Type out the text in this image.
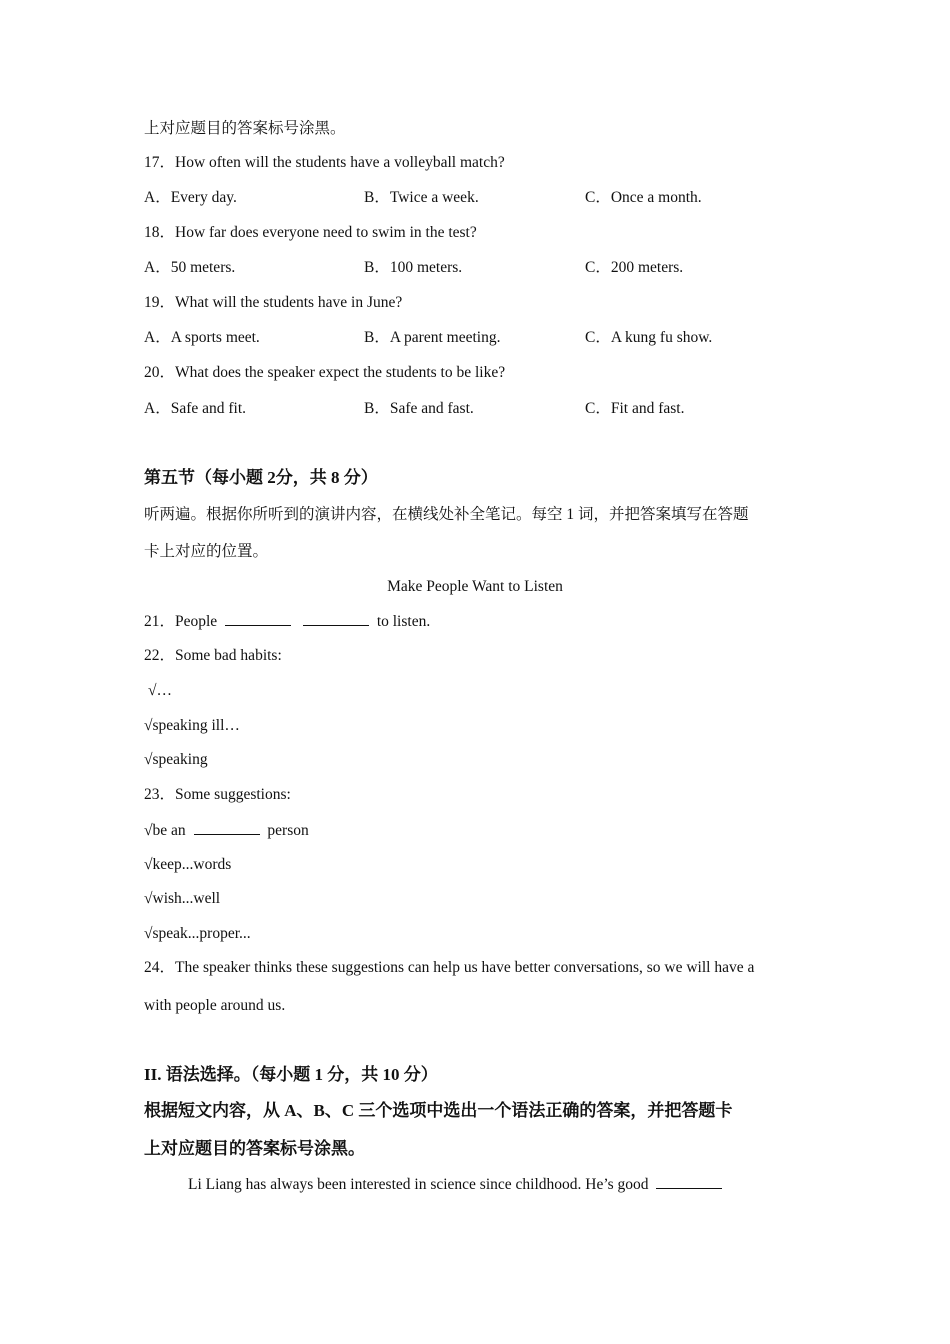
上对应题目的答案标号涂黑。
17．How often will the students have a volleyball match?
A．Every day.	B．Twice a week.	C．Once a month.
18．How far does everyone need to swim in the test?
A．50 meters.	B．100 meters.	C．200 meters.
19．What will the students have in June?
A．A sports meet.	B．A parent meeting.	C．A kung fu show.
20．What does the speaker expect the students to be like?
A．Safe and fit.	B．Safe and fast.	C．Fit and fast.
第五节（每小题 2分，共 8 分）
听两遍。根据你所听到的演讲内容，在横线处补全笔记。每空 1 词，并把答案填写在答题
卡上对应的位置。
Make People Want to Listen
21．People	to listen.
22．Some bad habits:
√…
√speaking ill…
√speaking
23．Some suggestions:
√be an	person
√keep...words
√wish...well
√speak...proper...
24．The speaker thinks these suggestions can help us have better conversations, so we will have a
with people around us.
II. 语法选择。（每小题 1 分，共 10 分）
根据短文内容，从 A、B、C 三个选项中选出一个语法正确的答案，并把答题卡
上对应题目的答案标号涂黑。
Li Liang has always been interested in science since childhood. He’s good
